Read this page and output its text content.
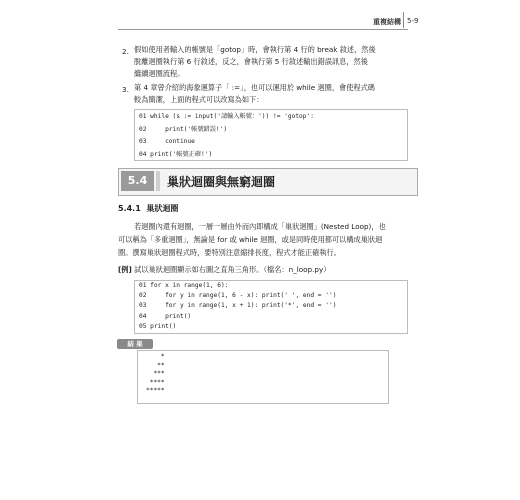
重複結構 5-9
2. 假如使用者輸入的帳號是「gotop」時，會執行第 4 行的 break 敘述，然後
脫離迴圈執行第 6 行敘述，反之，會執行第 5 行敘述輸出錯誤訊息，然後
繼續迴圈流程。
3. 第 4 章曾介紹的海象運算子「 :=」，也可以運用於 while 迴圈，會使程式碼
較為簡潔，上面的程式可以改寫為如下：
01 while (s := input('請輸入帳號：')) != 'gotop':
02     print('帳號錯誤!')
03     continue
04 print('帳號正確!')
5.4	巢狀迴圈與無窮迴圈
5.4.1 巢狀迴圈
若迴圈內還有迴圈，一層一層由外而內即構成「巢狀迴圈」(Nested Loop)，也
可以稱為「多重迴圈」，無論是 for 或 while 迴圈，或是同時使用都可以構成巢狀迴
圈。撰寫巢狀迴圈程式時，要特別注意縮排長度，程式才能正確執行。
[例] 試以巢狀迴圈顯示如右圖之直角三角形。（檔名：n_loop.py）
01 for x in range(1, 6):
02     for y in range(1, 6 - x): print(' ', end = '')
03     for y in range(1, x + 1): print('*', end = '')
04     print()
05 print()
結 果
*
**
***
****
*****
